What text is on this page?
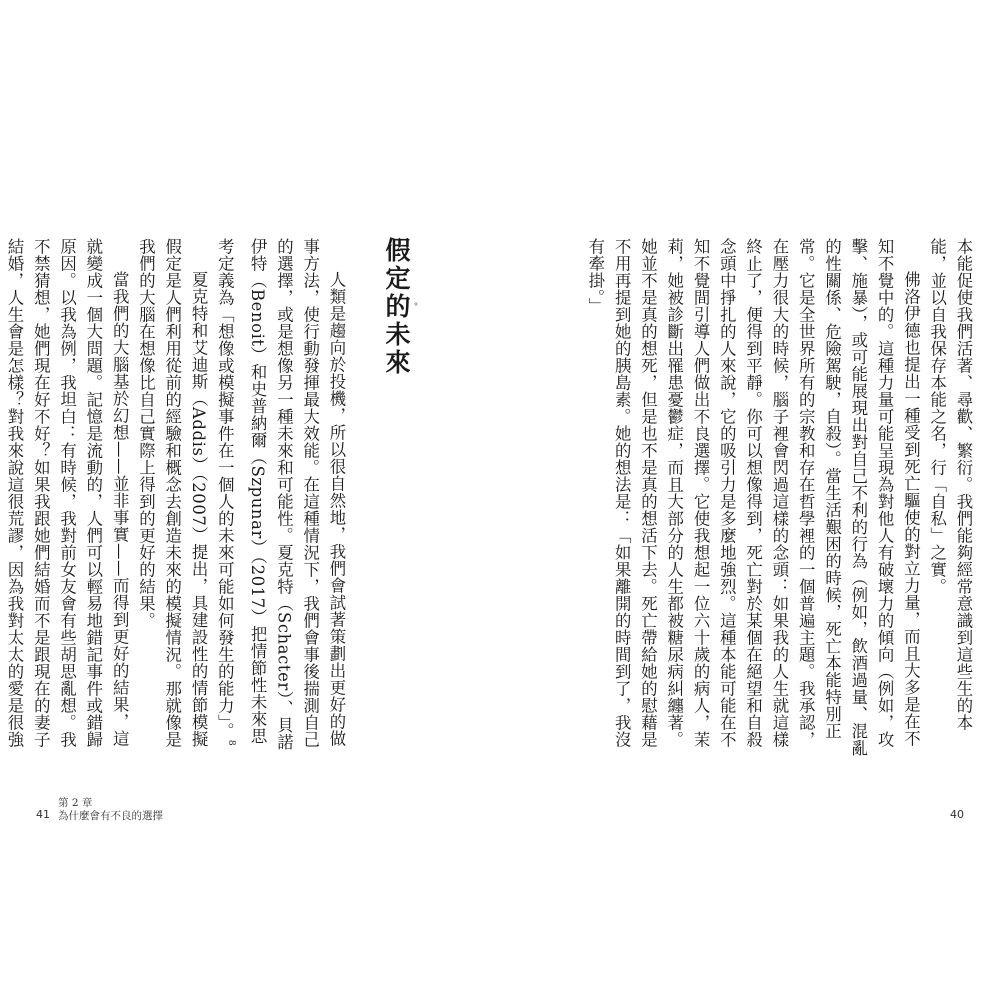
本能促使我們活著、尋歡、繁衍。我們能夠經常意識到這些生的本能，並以自我保存本能之名，行「自私」之實。

佛洛伊德也提出一種受到死亡驅使的對立力量，而且大多是在不知不覺中的。這種力量可能呈現為對他人有破壞力的傾向（例如，攻擊、施暴），或可能展現出對自己不利的行為（例如，飲酒過量、混亂的性關係、危險駕駛，自殺）。當生活艱困的時候，死亡本能特別正常。它是全世界所有的宗教和存在哲學裡的一個普遍主題。我承認，在壓力很大的時候，腦子裡會閃過這樣的念頭：如果我的人生就這樣終止了，便得到平靜。你可以想像得到，死亡對於某個在絕望和自殺念頭中掙扎的人來說，它的吸引力是多麼地強烈。這種本能可能在不知不覺間引導人們做出不良選擇。它使我想起一位六十歲的病人，茉莉，她被診斷出罹患憂鬱症，而且大部分的人生都被糖尿病糾纏著。她並不是真的想死，但是也不是真的想活下去。死亡帶給她的慰藉是不用再提到她的胰島素。她的想法是：「如果離開的時間到了，我沒有牽掛。」

40
假定的未來

人類是趨向於投機，所以很自然地，我們會試著策劃出更好的做事方法，使行動發揮最大效能。在這種情況下，我們會事後揣測自己的選擇，或是想像另一種未來和可能性。夏克特（Schacter）、貝諾伊特（Benoit）和史普納爾（Szpunar）（2017）把情節性未來思考定義為「想像或模擬事件在一個人的未來可能如何發生的能力」。$^8$

夏克特和艾迪斯（Addis）（2007）提出，具建設性的情節模擬假定是人們利用從前的經驗和概念去創造未來的模擬情況。那就像是我們的大腦在想像比自己實際上得到的更好的結果。

當我們的大腦基於幻想——並非事實——而得到更好的結果，這就變成一個大問題。記憶是流動的，人們可以輕易地錯記事件或錯歸原因。以我為例，我坦白：有時候，我對前女友會有些胡思亂想。我不禁猜想，她們現在好不好？如果我跟她們結婚而不是跟現在的妻子結婚，人生會是怎樣？對我來說這很荒謬，因為我對太太的愛是很強

第 2 章
為什麼會有不良的選擇
41
